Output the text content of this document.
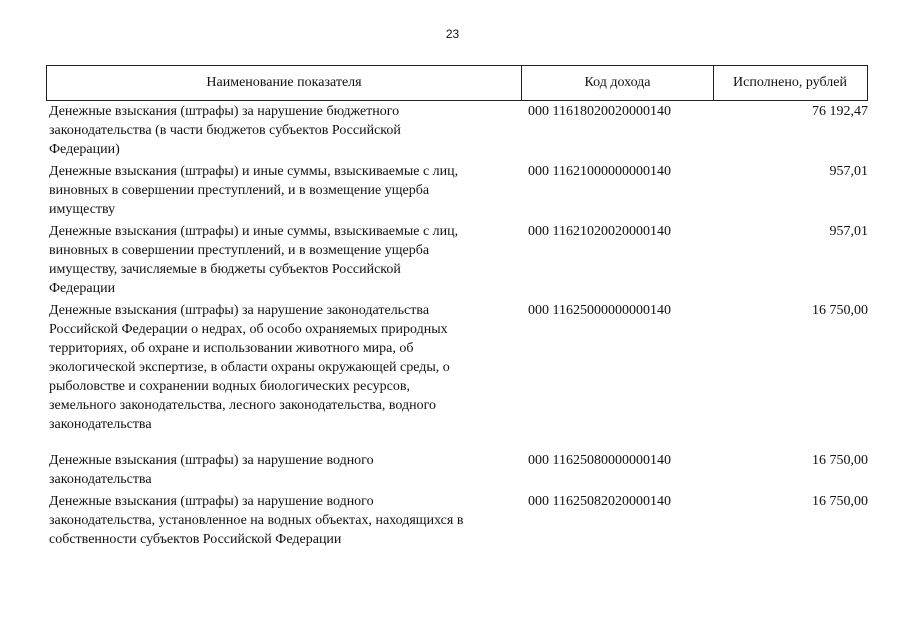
23
Наименование показателя	Код дохода	Исполнено, рублей
Денежные взыскания (штрафы) за нарушение бюджетного
законодательства (в части бюджетов субъектов Российской
Федерации)
000 11618020020000140	76 192,47
Денежные взыскания (штрафы) и иные суммы, взыскиваемые с лиц,
виновных в совершении преступлений, и в возмещение ущерба
имуществу
000 11621000000000140	957,01
Денежные взыскания (штрафы) и иные суммы, взыскиваемые с лиц,
виновных в совершении преступлений, и в возмещение ущерба
имуществу, зачисляемые в бюджеты субъектов Российской
Федерации
000 11621020020000140	957,01
Денежные взыскания (штрафы) за нарушение законодательства
Российской Федерации о недрах, об особо охраняемых природных
территориях, об охране и использовании животного мира, об
экологической экспертизе, в области охраны окружающей среды, о
рыболовстве и сохранении водных биологических ресурсов,
земельного законодательства, лесного законодательства, водного
законодательства
000 11625000000000140	16 750,00
Денежные взыскания (штрафы) за нарушение водного
законодательства
000 11625080000000140	16 750,00
Денежные взыскания (штрафы) за нарушение водного
законодательства, установленное на водных объектах, находящихся в
собственности субъектов Российской Федерации
000 11625082020000140	16 750,00
